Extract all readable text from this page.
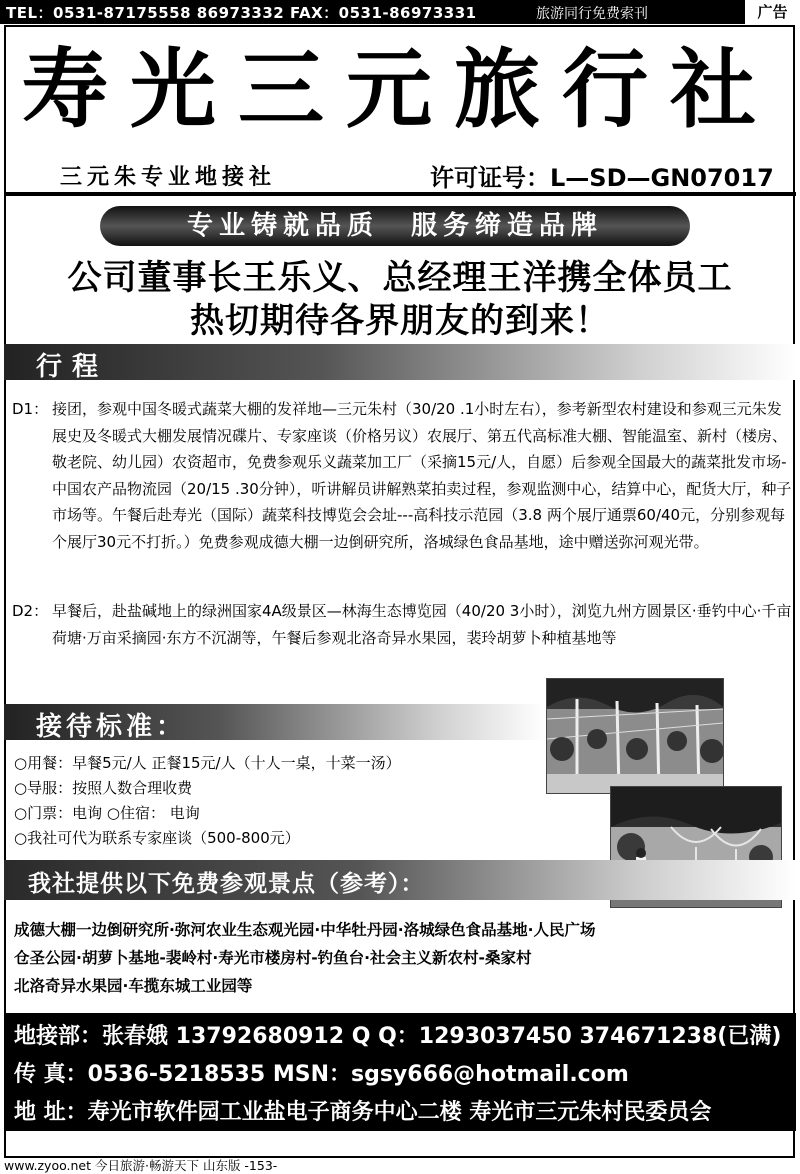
TEL：0531-87175558 86973332 FAX：0531-86973331	旅游同行免费索刊	广告
寿光三元旅行社
三元朱专业地接社	许可证号：L—SD—GN07017
专业铸就品质　服务缔造品牌
公司董事长王乐义、总经理王洋携全体员工
热切期待各界朋友的到来！
行程
D1： 接团，参观中国冬暖式蔬菜大棚的发祥地—三元朱村（30/20 .1小时左右），参考新型农村建设和参观三元朱发展史及冬暖式大棚发展情况碟片、专家座谈（价格另议）农展厅、第五代高标准大棚、智能温室、新村（楼房、敬老院、幼儿园）农资超市，免费参观乐义蔬菜加工厂（采摘15元/人，自愿）后参观全国最大的蔬菜批发市场-中国农产品物流园（20/15 .30分钟），听讲解员讲解熟菜拍卖过程，参观监测中心，结算中心，配货大厅，种子市场等。午餐后赴寿光（国际）蔬菜科技博览会会址---高科技示范园（3.8 两个展厅通票60/40元，分别参观每个展厅30元不打折。）免费参观成德大棚一边倒研究所，洛城绿色食品基地，途中赠送弥河观光带。
D2： 早餐后，赴盐碱地上的绿洲国家4A级景区—林海生态博览园（40/20 3小时），浏览九州方圆景区·垂钓中心·千亩荷塘·万亩采摘园·东方不沉湖等，午餐后参观北洛奇异水果园，裴玲胡萝卜种植基地等
接待标准：
○用餐：早餐5元/人 正餐15元/人（十人一桌，十菜一汤）
○导服：按照人数合理收费
○门票：电询 ○住宿： 电询
○我社可代为联系专家座谈（500-800元）
我社提供以下免费参观景点（参考）：
成德大棚一边倒研究所·弥河农业生态观光园·中华牡丹园·洛城绿色食品基地·人民广场
仓圣公园·胡萝卜基地-裴岭村·寿光市楼房村-钓鱼台·社会主义新农村-桑家村
北洛奇异水果园·车揽东城工业园等
地接部：张春娥 13792680912 Q Q：1293037450 374671238(已满)
传 真：0536-5218535 MSN：sgsy666@hotmail.com
地 址：寿光市软件园工业盐电子商务中心二楼 寿光市三元朱村民委员会
www.zyoo.net 今日旅游·畅游天下 山东版 -153-
